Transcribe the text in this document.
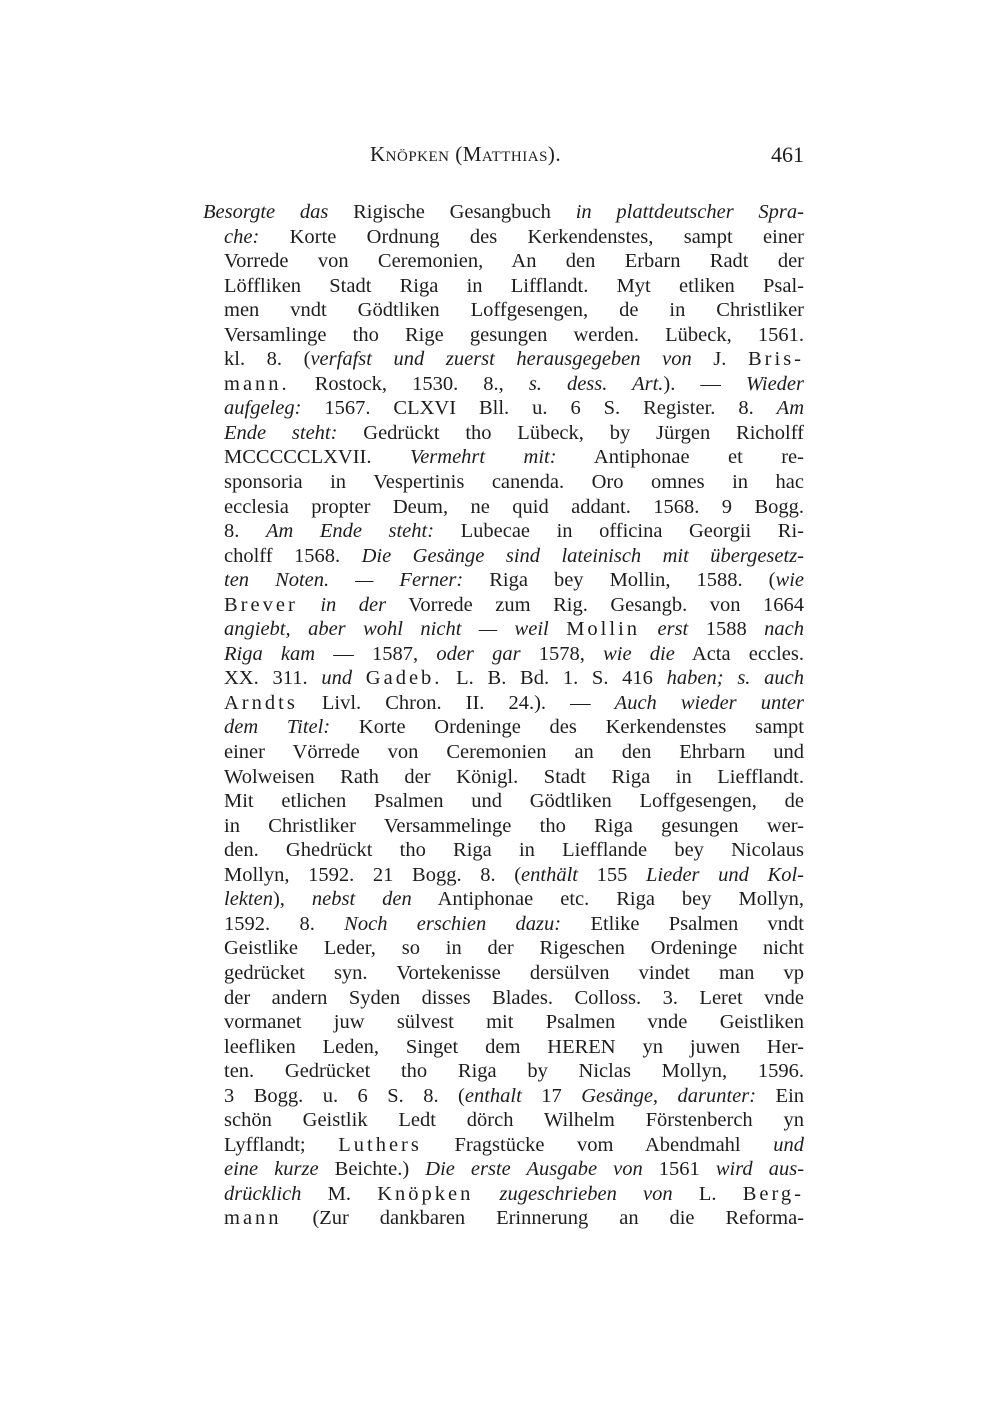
Knöpken (Matthias).	461
Besorgte das Rigische Gesangbuch in plattdeutscher Spra-
che: Korte Ordnung des Kerkendenstes, sampt einer
Vorrede von Ceremonien, An den Erbarn Radt der
Löffliken Stadt Riga in Lifflandt. Myt etliken Psal-
men vndt Gödtliken Loffgesengen, de in Christliker
Versamlinge tho Rige gesungen werden. Lübeck, 1561.
kl. 8. (verfafst und zuerst herausgegeben von J. Bris-
mann. Rostock, 1530. 8., s. dess. Art.). — Wieder
aufgeleg: 1567. CLXVI Bll. u. 6 S. Register. 8. Am
Ende steht: Gedrückt tho Lübeck, by Jürgen Richolff
MCCCCCLXVII. Vermehrt mit: Antiphonae et re-
sponsoria in Vespertinis canenda. Oro omnes in hac
ecclesia propter Deum, ne quid addant. 1568. 9 Bogg.
8. Am Ende steht: Lubecae in officina Georgii Ri-
cholff 1568. Die Gesänge sind lateinisch mit übergesetz-
ten Noten. — Ferner: Riga bey Mollin, 1588. (wie
Brever in der Vorrede zum Rig. Gesangb. von 1664
angiebt, aber wohl nicht — weil Mollin erst 1588 nach
Riga kam — 1587, oder gar 1578, wie die Acta eccles.
XX. 311. und Gadeb. L. B. Bd. 1. S. 416 haben; s. auch
Arndts Livl. Chron. II. 24.). — Auch wieder unter
dem Titel: Korte Ordeninge des Kerkendenstes sampt
einer Vörrede von Ceremonien an den Ehrbarn und
Wolweisen Rath der Königl. Stadt Riga in Liefflandt.
Mit etlichen Psalmen und Gödtliken Loffgesengen, de
in Christliker Versammelinge tho Riga gesungen wer-
den. Ghedrückt tho Riga in Liefflande bey Nicolaus
Mollyn, 1592. 21 Bogg. 8. (enthält 155 Lieder und Kol-
lekten), nebst den Antiphonae etc. Riga bey Mollyn,
1592. 8. Noch erschien dazu: Etlike Psalmen vndt
Geistlike Leder, so in der Rigeschen Ordeninge nicht
gedrücket syn. Vortekenisse dersülven vindet man vp
der andern Syden disses Blades. Colloss. 3. Leret vnde
vormanet juw sülvest mit Psalmen vnde Geistliken
leefliken Leden, Singet dem HEREN yn juwen Her-
ten. Gedrücket tho Riga by Niclas Mollyn, 1596.
3 Bogg. u. 6 S. 8. (enthalt 17 Gesänge, darunter: Ein
schön Geistlik Ledt dörch Wilhelm Förstenberch yn
Lyfflandt; Luthers Fragstücke vom Abendmahl und
eine kurze Beichte.) Die erste Ausgabe von 1561 wird aus-
drücklich M. Knöpken zugeschrieben von L. Berg-
mann (Zur dankbaren Erinnerung an die Reforma-
